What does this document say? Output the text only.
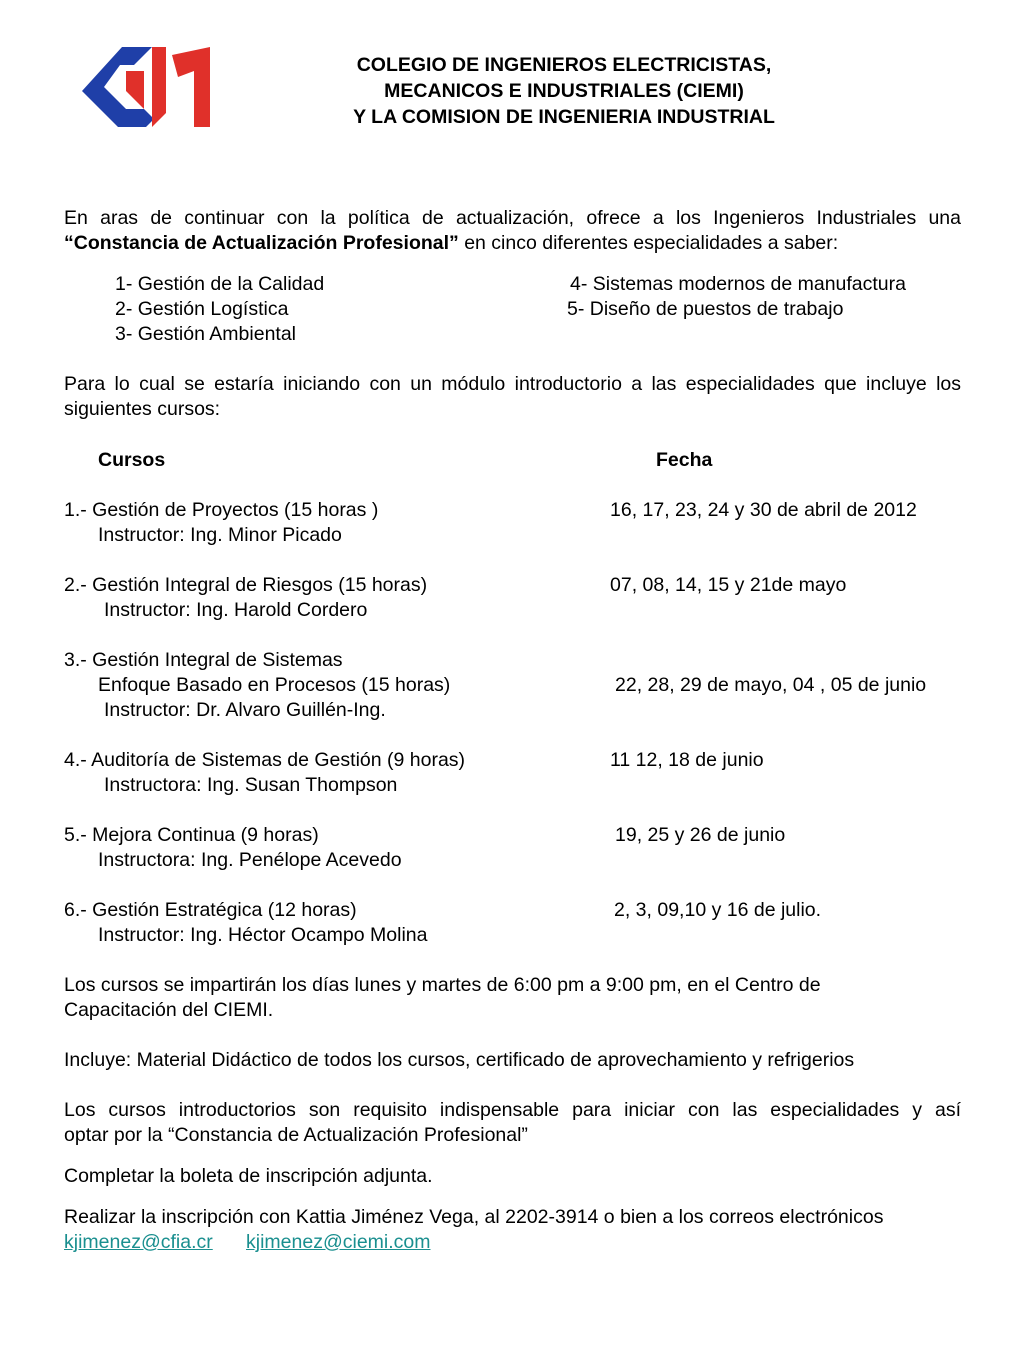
COLEGIO DE INGENIEROS ELECTRICISTAS,
MECANICOS E INDUSTRIALES (CIEMI)
Y LA COMISION DE INGENIERIA INDUSTRIAL
En aras de continuar con la política de actualización, ofrece a los Ingenieros Industriales una
“Constancia de Actualización Profesional” en cinco diferentes especialidades a saber:
1- Gestión de la Calidad
2- Gestión Logística
3- Gestión Ambiental
4- Sistemas modernos de manufactura
5- Diseño de puestos de trabajo
Para lo cual se estaría iniciando con un módulo introductorio a las especialidades que incluye los
siguientes cursos:
Cursos	Fecha
1.- Gestión de Proyectos (15 horas )
Instructor: Ing. Minor Picado
16, 17, 23, 24 y 30 de abril de 2012
2.- Gestión Integral de Riesgos (15 horas)
Instructor: Ing. Harold Cordero
07, 08, 14, 15 y 21de mayo
3.- Gestión Integral de Sistemas
Enfoque Basado en Procesos (15 horas)
Instructor: Dr. Alvaro Guillén-Ing.
22, 28, 29 de mayo, 04 , 05 de junio
4.- Auditoría de Sistemas de Gestión (9 horas)
Instructora: Ing. Susan Thompson
11 12, 18 de junio
5.- Mejora Continua (9 horas)
Instructora: Ing. Penélope Acevedo
19, 25 y 26 de junio
6.- Gestión Estratégica (12 horas)
Instructor: Ing. Héctor Ocampo Molina
2, 3, 09,10 y 16 de julio.
Los cursos se impartirán los días lunes y martes de 6:00 pm a 9:00 pm, en el Centro de
Capacitación del CIEMI.
Incluye: Material Didáctico de todos los cursos, certificado de aprovechamiento y refrigerios
Los cursos introductorios son requisito indispensable para iniciar con las especialidades y así
optar por la “Constancia de Actualización Profesional”
Completar la boleta de inscripción adjunta.
Realizar la inscripción con Kattia Jiménez Vega, al 2202-3914 o bien a los correos electrónicos
kjimenez@cfia.cr kjimenez@ciemi.com
